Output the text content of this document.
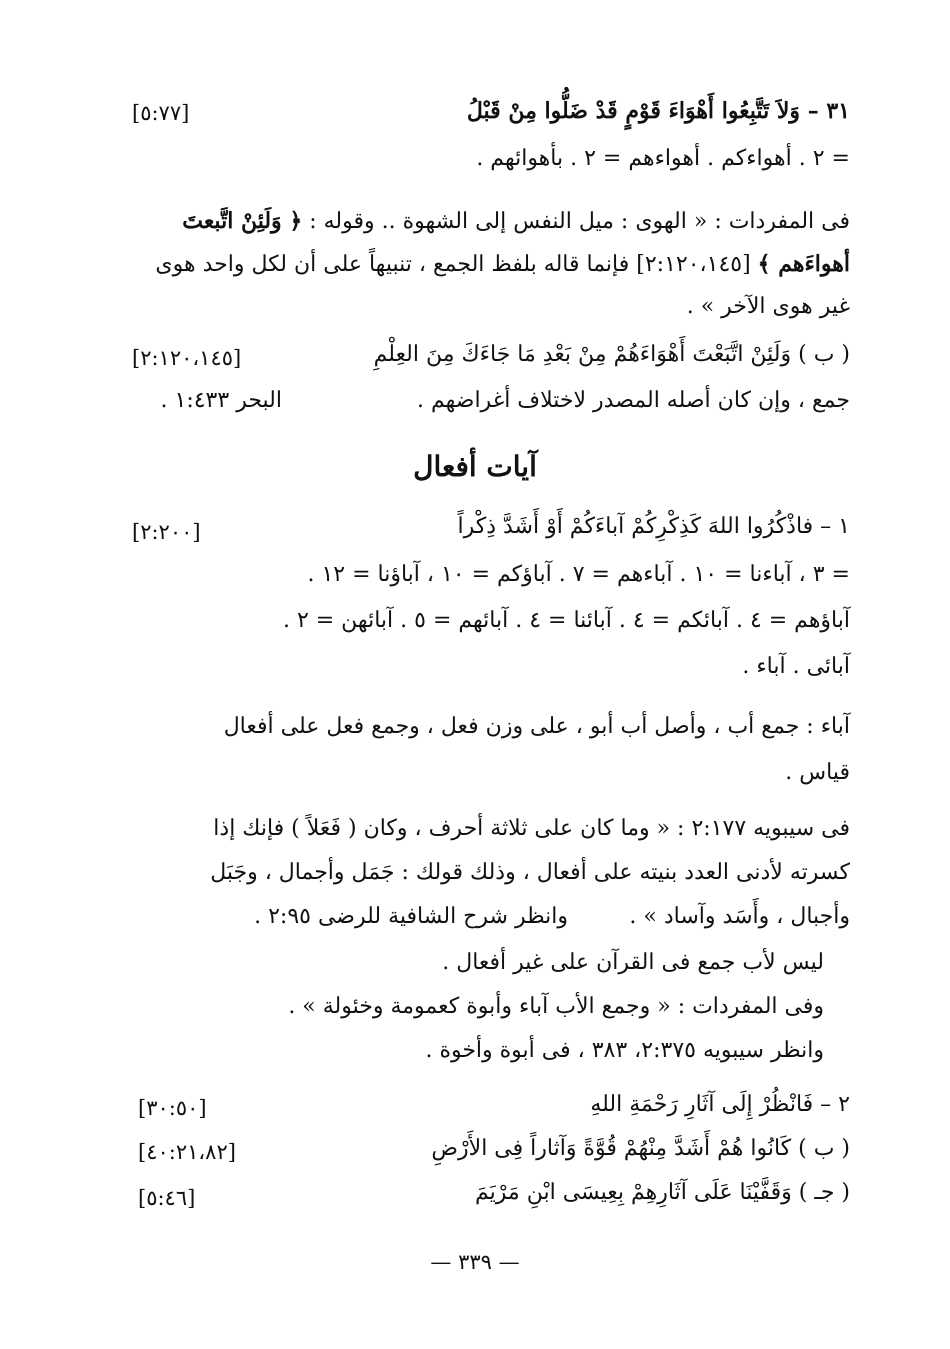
٣١ – وَلاَ تَتَّبِعُوا أَهْوَاءَ قَوْمٍ قَدْ ضَلُّوا مِنْ قَبْلُ
[٥:٧٧]
= ٢ . أهواءكم . أهواءهم = ٢ . بأهوائهم .
فى المفردات : « الهوى : ميل النفس إلى الشهوة .. وقوله : ﴿ وَلَئِنْ اتَّبعتَ
أهواءَهم ﴾ [٢:١٢٠،١٤٥] فإنما قاله بلفظ الجمع ، تنبيهاً على أن لكل واحد هوى
غير هوى الآخر » .
( ب ) وَلَئِنْ اتَّبَعْتَ أَهْوَاءَهُمْ مِنْ بَعْدِ مَا جَاءَكَ مِنَ العِلْمِ
[٢:١٢٠،١٤٥]
جمع ، وإن كان أصله المصدر لاختلاف أغراضهم .
البحر ١:٤٣٣ .
آيات أفعال
١ – فاذْكُرُوا اللهَ كَذِكْرِكُمْ آباءَكُمْ أَوْ أَشَدَّ ذِكْراً
[٢:٢٠٠]
= ٣ ، آباءنا = ١٠ . آباءهم = ٧ . آباؤكم = ١٠ ، آباؤنا = ١٢ .
آباؤهم = ٤ . آبائكم = ٤ . آبائنا = ٤ . آبائهم = ٥ . آبائهن = ٢ .
آبائى . آباء .
آباء : جمع أب ، وأصل أب أبو ، على وزن فعل ، وجمع فعل على أفعال
قياس .
فى سيبويه ٢:١٧٧ : « وما كان على ثلاثة أحرف ، وكان ( فَعَلاً ) فإنك إذا
كسرته لأدنى العدد بنيته على أفعال ، وذلك قولك : جَمَل وأجمال ، وجَبَل
وأجبال ، وأَسَد وآساد » .
وانظر شرح الشافية للرضى ٢:٩٥ .
ليس لأب جمع فى القرآن على غير أفعال .
وفى المفردات : « وجمع الأب آباء وأبوة كعمومة وخئولة » .
وانظر سيبويه ٢:٣٧٥، ٣٨٣ ، فى أبوة وأخوة .
٢ – فَانْظُرْ إِلَى آثَارِ رَحْمَةِ اللهِ
[٣٠:٥٠]
( ب ) كَانُوا هُمْ أَشَدَّ مِنْهُمْ قُوَّةً وَآثاراً فِى الأَرْضِ
[٤٠:٢١،٨٢]
( جـ ) وَقَفَّيْنَا عَلَى آثَارِهِمْ بِعِيسَى ابْنِ مَرْيَمَ
[٥:٤٦]
— ٣٣٩ —
